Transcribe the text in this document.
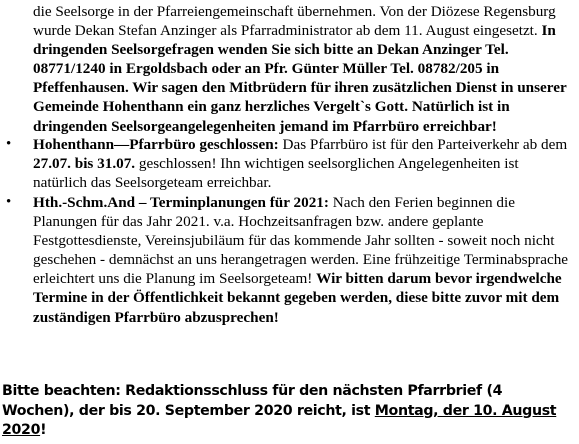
die Seelsorge in der Pfarreiengemeinschaft übernehmen. Von der Diözese Regensburg wurde Dekan Stefan Anzinger als Pfarradministrator ab dem 11. August eingesetzt. In dringenden Seelsorgefragen wenden Sie sich bitte an Dekan Anzinger Tel. 08771/1240 in Ergoldsbach oder an Pfr. Günter Müller Tel. 08782/205 in Pfeffenhausen. Wir sagen den Mitbrüdern für ihren zusätzlichen Dienst in unserer Gemeinde Hohenthann ein ganz herzliches Vergelt`s Gott. Natürlich ist in dringenden Seelsorgeangelegenheiten jemand im Pfarrbüro erreichbar!
• Hohenthann—Pfarrbüro geschlossen: Das Pfarrbüro ist für den Parteiverkehr ab dem 27.07. bis 31.07. geschlossen! Ihn wichtigen seelsorglichen Angelegenheiten ist natürlich das Seelsorgeteam erreichbar.
• Hth.-Schm.And – Terminplanungen für 2021: Nach den Ferien beginnen die Planungen für das Jahr 2021. v.a. Hochzeitsanfragen bzw. andere geplante Festgottesdienste, Vereinsjubiläum für das kommende Jahr sollten - soweit noch nicht geschehen - demnächst an uns herangetragen werden. Eine frühzeitige Terminabsprache erleichtert uns die Planung im Seelsorgeteam! Wir bitten darum bevor irgendwelche Termine in der Öffentlichkeit bekannt gegeben werden, diese bitte zuvor mit dem zuständigen Pfarrbüro abzusprechen!
Bitte beachten: Redaktionsschluss für den nächsten Pfarrbrief (4 Wochen), der bis 20. September 2020 reicht, ist Montag, der 10. August 2020!
